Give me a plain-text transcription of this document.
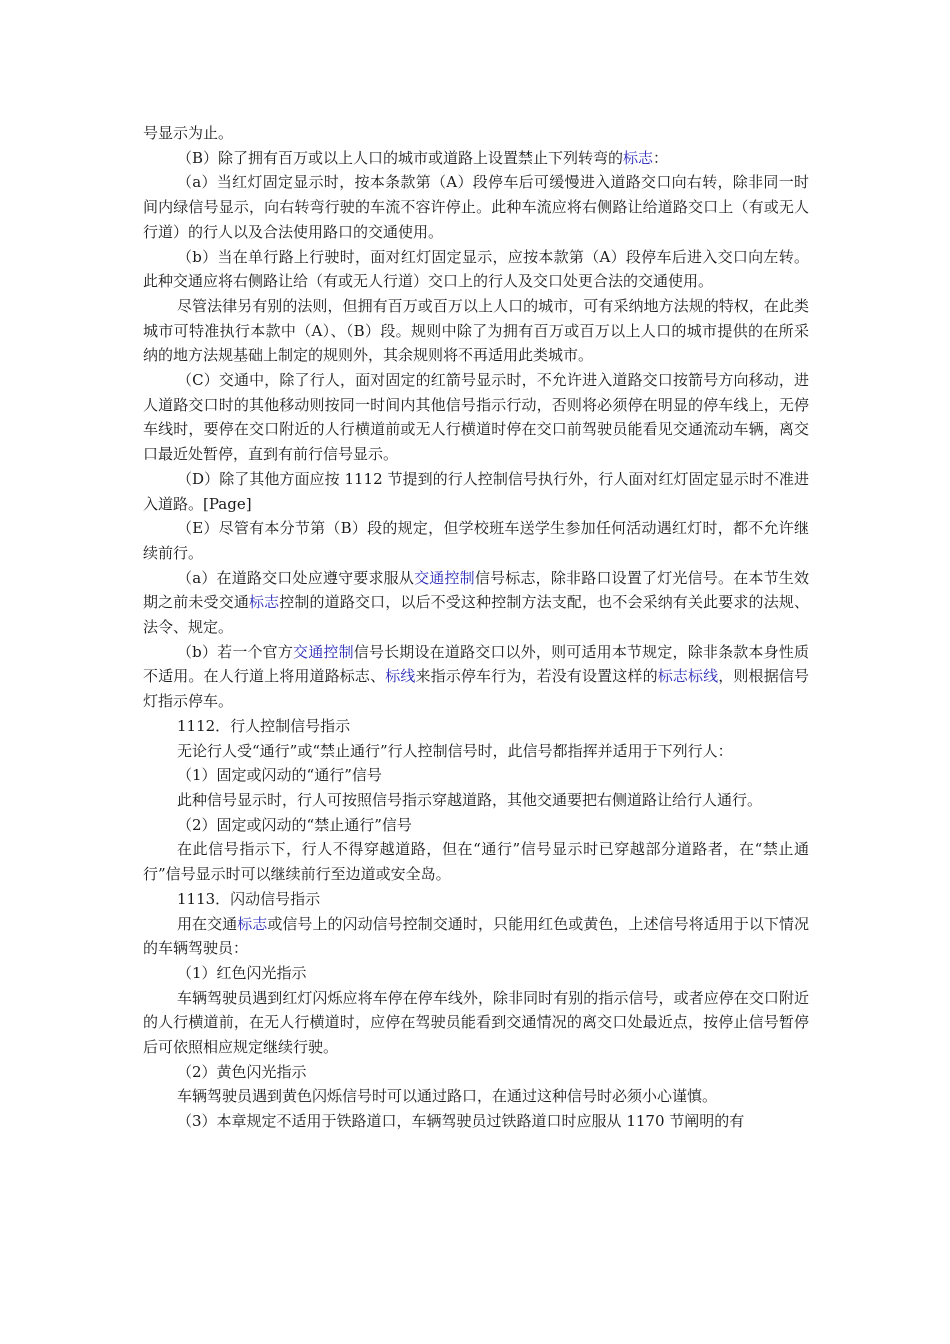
号显示为止。

（B）除了拥有百万或以上人口的城市或道路上设置禁止下列转弯的标志：

（a）当红灯固定显示时，按本条款第（A）段停车后可缓慢进入道路交口向右转，除非同一时间内绿信号显示，向右转弯行驶的车流不容许停止。此种车流应将右侧路让给道路交口上（有或无人行道）的行人以及合法使用路口的交通使用。

（b）当在单行路上行驶时，面对红灯固定显示，应按本款第（A）段停车后进入交口向左转。此种交通应将右侧路让给（有或无人行道）交口上的行人及交口处更合法的交通使用。

尽管法律另有别的法则，但拥有百万或百万以上人口的城市，可有采纳地方法规的特权，在此类城市可特准执行本款中（A）、（B）段。规则中除了为拥有百万或百万以上人口的城市提供的在所采纳的地方法规基础上制定的规则外，其余规则将不再适用此类城市。

（C）交通中，除了行人，面对固定的红箭号显示时，不允许进入道路交口按箭号方向移动，进人道路交口时的其他移动则按同一时间内其他信号指示行动，否则将必须停在明显的停车线上，无停车线时，要停在交口附近的人行横道前或无人行横道时停在交口前驾驶员能看见交通流动车辆，离交口最近处暂停，直到有前行信号显示。

（D）除了其他方面应按 1112 节提到的行人控制信号执行外，行人面对红灯固定显示时不准进入道路。[Page]

（E）尽管有本分节第（B）段的规定，但学校班车送学生参加任何活动遇红灯时，都不允许继续前行。

（a）在道路交口处应遵守要求服从交通控制信号标志，除非路口设置了灯光信号。在本节生效期之前未受交通标志控制的道路交口，以后不受这种控制方法支配，也不会采纳有关此要求的法规、法令、规定。

（b）若一个官方交通控制信号长期设在道路交口以外，则可适用本节规定，除非条款本身性质不适用。在人行道上将用道路标志、标线来指示停车行为，若没有设置这样的标志标线，则根据信号灯指示停车。

1112．行人控制信号指示

无论行人受“通行”或“禁止通行”行人控制信号时，此信号都指挥并适用于下列行人：

（1）固定或闪动的“通行”信号

此种信号显示时，行人可按照信号指示穿越道路，其他交通要把右侧道路让给行人通行。

（2）固定或闪动的“禁止通行”信号

在此信号指示下，行人不得穿越道路，但在“通行”信号显示时已穿越部分道路者，在“禁止通行”信号显示时可以继续前行至边道或安全岛。

1113．闪动信号指示

用在交通标志或信号上的闪动信号控制交通时，只能用红色或黄色，上述信号将适用于以下情况的车辆驾驶员：

（1）红色闪光指示

车辆驾驶员遇到红灯闪烁应将车停在停车线外，除非同时有别的指示信号，或者应停在交口附近的人行横道前，在无人行横道时，应停在驾驶员能看到交通情况的离交口处最近点，按停止信号暂停后可依照相应规定继续行驶。

（2）黄色闪光指示

车辆驾驶员遇到黄色闪烁信号时可以通过路口，在通过这种信号时必须小心谨慎。

（3）本章规定不适用于铁路道口，车辆驾驶员过铁路道口时应服从 1170 节阐明的有
